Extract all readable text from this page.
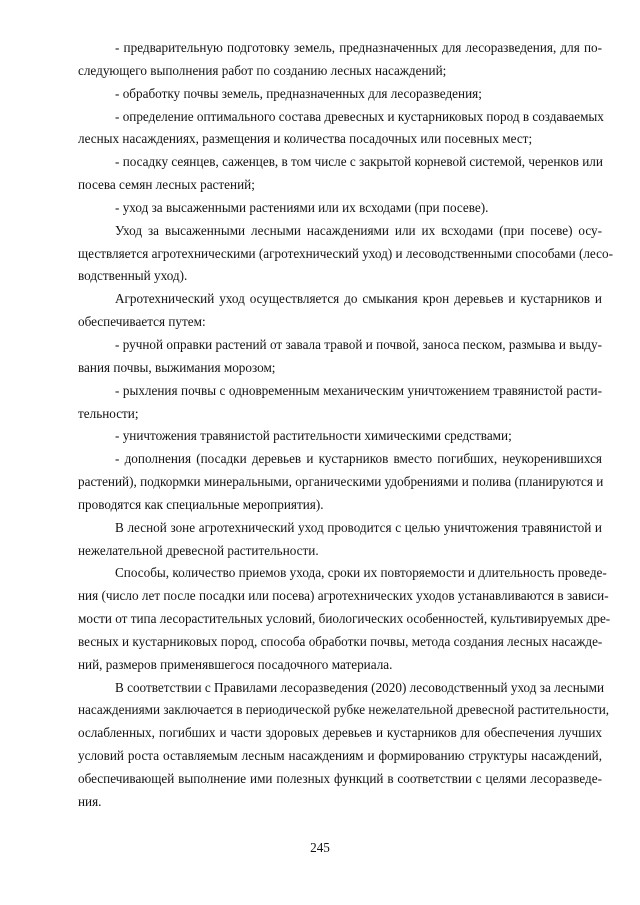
- предварительную подготовку земель, предназначенных для лесоразведения, для по-
следующего выполнения работ по созданию лесных насаждений;
- обработку почвы земель, предназначенных для лесоразведения;
- определение оптимального состава древесных и кустарниковых пород в создаваемых
лесных насаждениях, размещения и количества посадочных или посевных мест;
- посадку сеянцев, саженцев, в том числе с закрытой корневой системой, черенков или
посева семян лесных растений;
- уход за высаженными растениями или их всходами (при посеве).
Уход за высаженными лесными насаждениями или их всходами (при посеве) осу-
ществляется агротехническими (агротехнический уход) и лесоводственными способами (лесо-
водственный уход).
Агротехнический уход осуществляется до смыкания крон деревьев и кустарников и
обеспечивается путем:
- ручной оправки растений от завала травой и почвой, заноса песком, размыва и выду-
вания почвы, выжимания морозом;
- рыхления почвы с одновременным механическим уничтожением травянистой расти-
тельности;
- уничтожения травянистой растительности химическими средствами;
- дополнения (посадки деревьев и кустарников вместо погибших, неукоренившихся
растений), подкормки минеральными, органическими удобрениями и полива (планируются и
проводятся как специальные мероприятия).
В лесной зоне агротехнический уход проводится с целью уничтожения травянистой и
нежелательной древесной растительности.
Способы, количество приемов ухода, сроки их повторяемости и длительность проведе-
ния (число лет после посадки или посева) агротехнических уходов устанавливаются в зависи-
мости от типа лесорастительных условий, биологических особенностей, культивируемых дре-
весных и кустарниковых пород, способа обработки почвы, метода создания лесных насажде-
ний, размеров применявшегося посадочного материала.
В соответствии с Правилами лесоразведения (2020) лесоводственный уход за лесными
насаждениями заключается в периодической рубке нежелательной древесной растительности,
ослабленных, погибших и части здоровых деревьев и кустарников для обеспечения лучших
условий роста оставляемым лесным насаждениям и формированию структуры насаждений,
обеспечивающей выполнение ими полезных функций в соответствии с целями лесоразведе-
ния.
245
